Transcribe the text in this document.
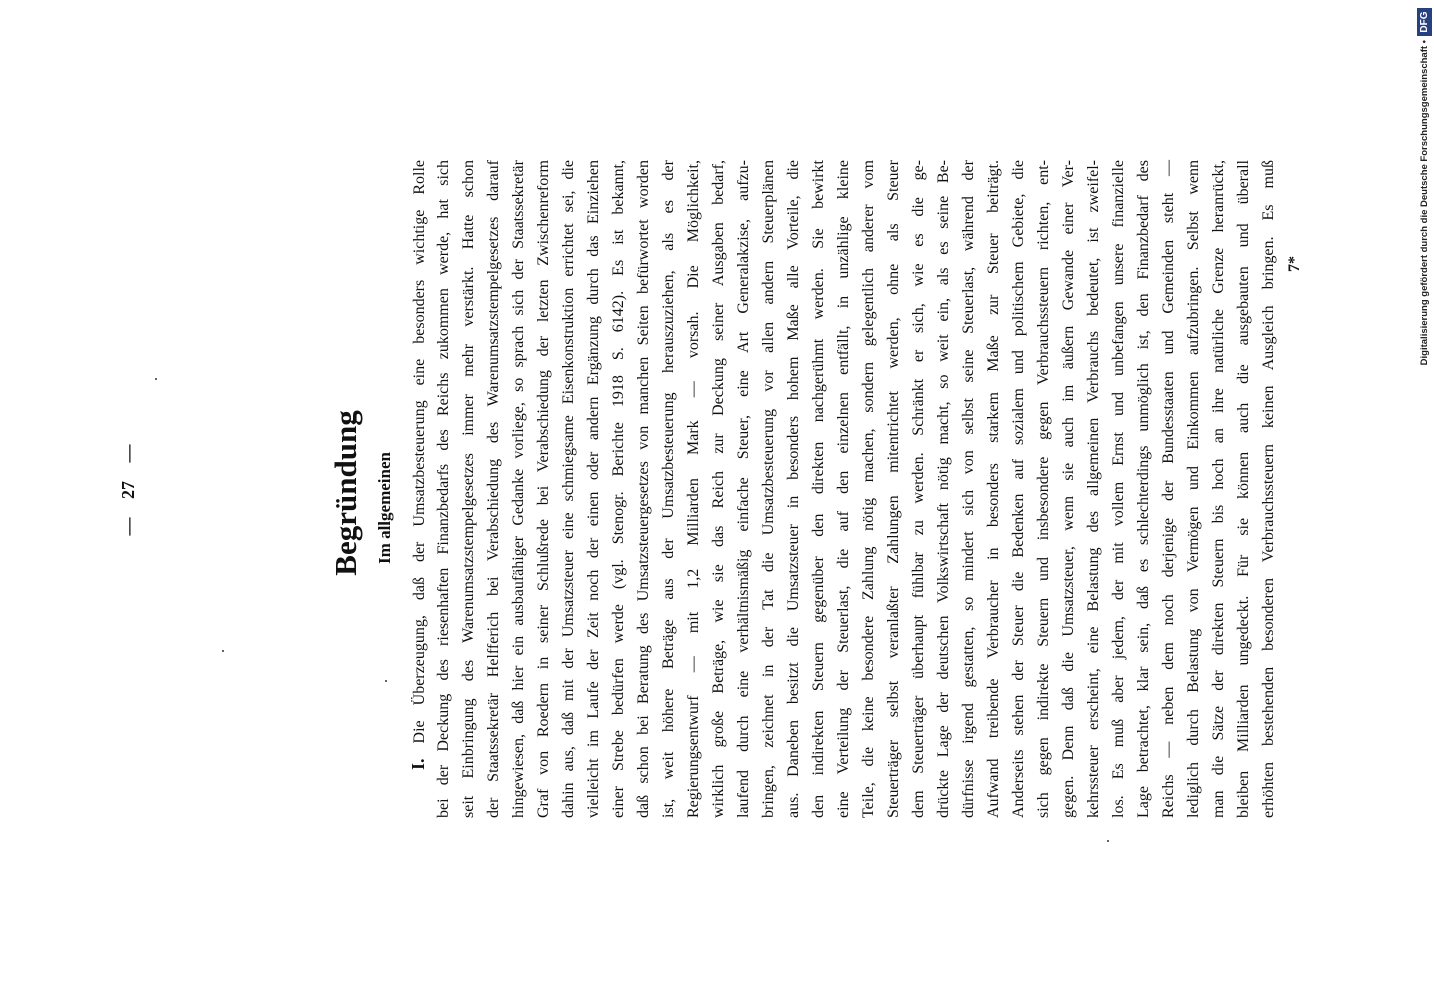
— 27 —	Begründung Im allgemeinen
I. Die Überzeugung, daß der Umsatzbesteuerung eine besonders wichtige Rolle bei der Deckung des riesenhaften Finanzbedarfs des Reichs zukommen werde, hat sich seit Einbringung des Warenumsatzstempelgesetzes immer mehr verstärkt. Hatte schon der Staatssekretär Helfferich bei Verabschiedung des Warenumsatzstempelgesetzes darauf hingewiesen, daß hier ein ausbaufähiger Gedanke vorliege, so sprach sich der Staatssekretär Graf von Roedern in seiner Schlußrede bei Verabschiedung der letzten Zwischenreform dahin aus, daß mit der Umsatzsteuer eine schmiegsame Eisenkonstruktion errichtet sei, die vielleicht im Laufe der Zeit noch der einen oder andern Ergänzung durch das Einziehen einer Strebe bedürfen werde (vgl. Stenogr. Berichte 1918 S. 6142). Es ist bekannt, daß schon bei Beratung des Umsatzsteuergesetzes von manchen Seiten befürwortet worden ist, weit höhere Beträge aus der Umsatzbesteuerung herauszuziehen, als es der Regierungsentwurf — mit 1,2 Milliarden Mark — vorsah. Die Möglichkeit, wirklich große Beträge, wie sie das Reich zur Deckung seiner Ausgaben bedarf, laufend durch eine verhältnismäßig einfache Steuer, eine Art Generalakzise, aufzu- bringen, zeichnet in der Tat die Umsatzbesteuerung vor allen andern Steuerplänen aus. Daneben besitzt die Umsatzsteuer in besonders hohem Maße alle Vorteile, die den indirekten Steuern gegenüber den direkten nachgerühmt werden. Sie bewirkt eine Verteilung der Steuerlast, die auf den einzelnen entfällt, in unzählige kleine Teile, die keine besondere Zahlung nötig machen, sondern gelegentlich anderer vom Steuerträger selbst veranlaßter Zahlungen mitentrichtet werden, ohne als Steuer dem Steuerträger überhaupt fühlbar zu werden. Schränkt er sich, wie es die ge- drückte Lage der deutschen Volkswirtschaft nötig macht, so weit ein, als es seine Be- dürfnisse irgend gestatten, so mindert sich von selbst seine Steuerlast, während der Aufwand treibende Verbraucher in besonders starkem Maße zur Steuer beiträgt. Anderseits stehen der Steuer die Bedenken auf sozialem und politischem Gebiete, die sich gegen indirekte Steuern und insbesondere gegen Verbrauchssteuern richten, ent- gegen. Denn daß die Umsatzsteuer, wenn sie auch im äußern Gewande einer Ver- kehrssteuer erscheint, eine Belastung des allgemeinen Verbrauchs bedeutet, ist zweifel- los. Es muß aber jedem, der mit vollem Ernst und unbefangen unsere finanzielle Lage betrachtet, klar sein, daß es schlechterdings unmöglich ist, den Finanzbedarf des Reichs — neben dem noch derjenige der Bundesstaaten und Gemeinden steht — lediglich durch Belastung von Vermögen und Einkommen aufzubringen. Selbst wenn man die Sätze der direkten Steuern bis hoch an ihre natürliche Grenze heranrückt, bleiben Milliarden ungedeckt. Für sie können auch die ausgebauten und überall erhöhten bestehenden besonderen Verbrauchssteuern keinen Ausgleich bringen. Es muß 7*	Digitalisierung gefördert durch die Deutsche Forschungsgemeinschaft •
DFG
